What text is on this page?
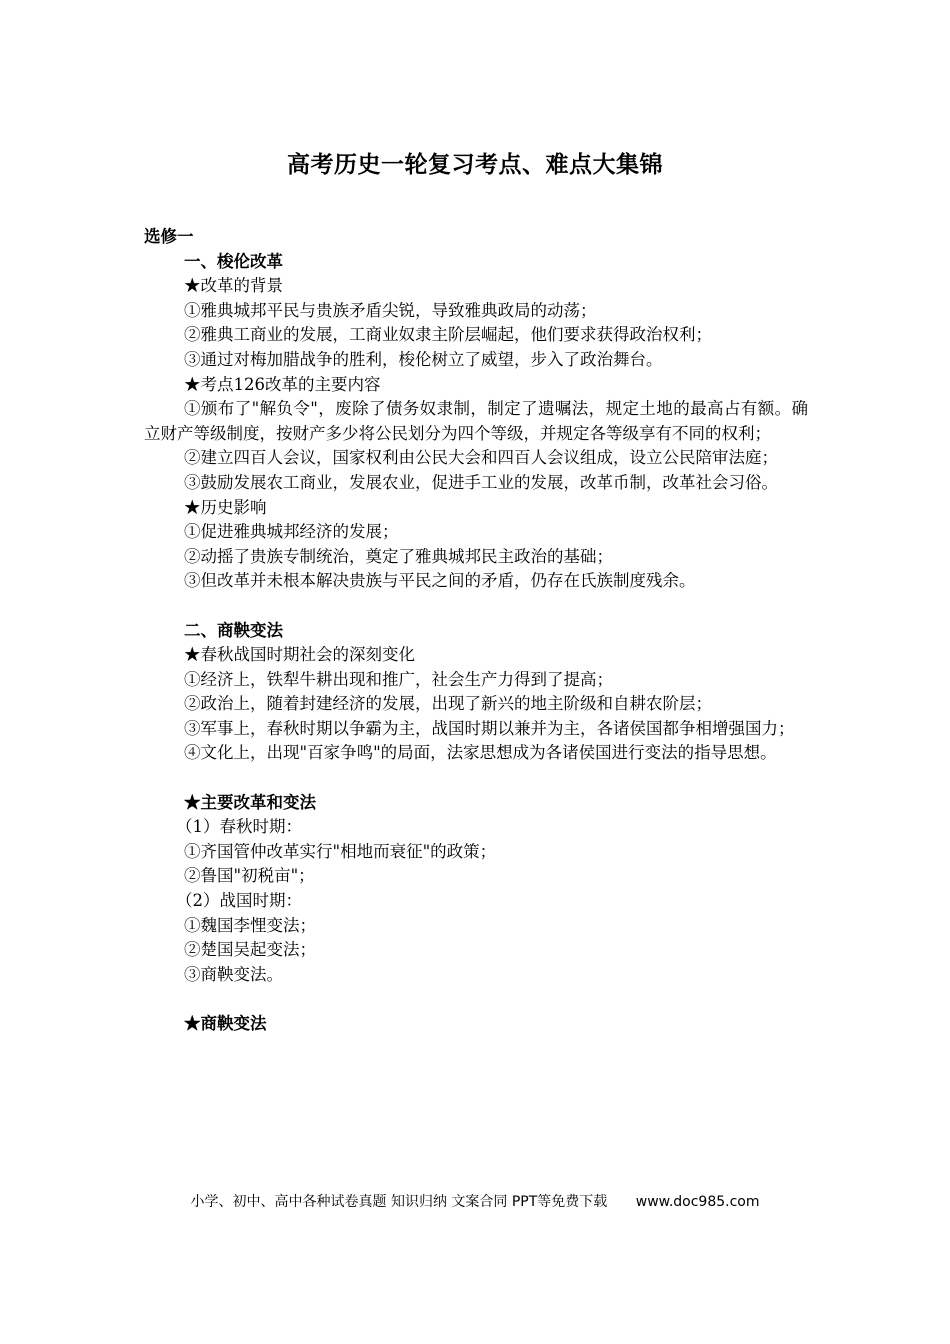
高考历史一轮复习考点、难点大集锦

选修一

一、梭伦改革

★改革的背景

①雅典城邦平民与贵族矛盾尖锐，导致雅典政局的动荡；

②雅典工商业的发展，工商业奴隶主阶层崛起，他们要求获得政治权利；

③通过对梅加腊战争的胜利，梭伦树立了威望，步入了政治舞台。

★考点126改革的主要内容

①颁布了"解负令"，废除了债务奴隶制，制定了遗嘱法，规定土地的最高占有额。确立财产等级制度，按财产多少将公民划分为四个等级，并规定各等级享有不同的权利；

②建立四百人会议，国家权利由公民大会和四百人会议组成，设立公民陪审法庭；

③鼓励发展农工商业，发展农业，促进手工业的发展，改革币制，改革社会习俗。

★历史影响

①促进雅典城邦经济的发展；

②动摇了贵族专制统治，奠定了雅典城邦民主政治的基础；

③但改革并未根本解决贵族与平民之间的矛盾，仍存在氏族制度残余。

二、商鞅变法

★春秋战国时期社会的深刻变化

①经济上，铁犁牛耕出现和推广，社会生产力得到了提高；

②政治上，随着封建经济的发展，出现了新兴的地主阶级和自耕农阶层；

③军事上，春秋时期以争霸为主，战国时期以兼并为主，各诸侯国都争相增强国力；

④文化上，出现"百家争鸣"的局面，法家思想成为各诸侯国进行变法的指导思想。

★主要改革和变法

（1）春秋时期：

①齐国管仲改革实行"相地而衰征"的政策；

②鲁国"初税亩"；

（2）战国时期：

①魏国李悝变法；

②楚国吴起变法；

③商鞅变法。

★商鞅变法

小学、初中、高中各种试卷真题 知识归纳 文案合同 PPT等免费下载 www.doc985.com
